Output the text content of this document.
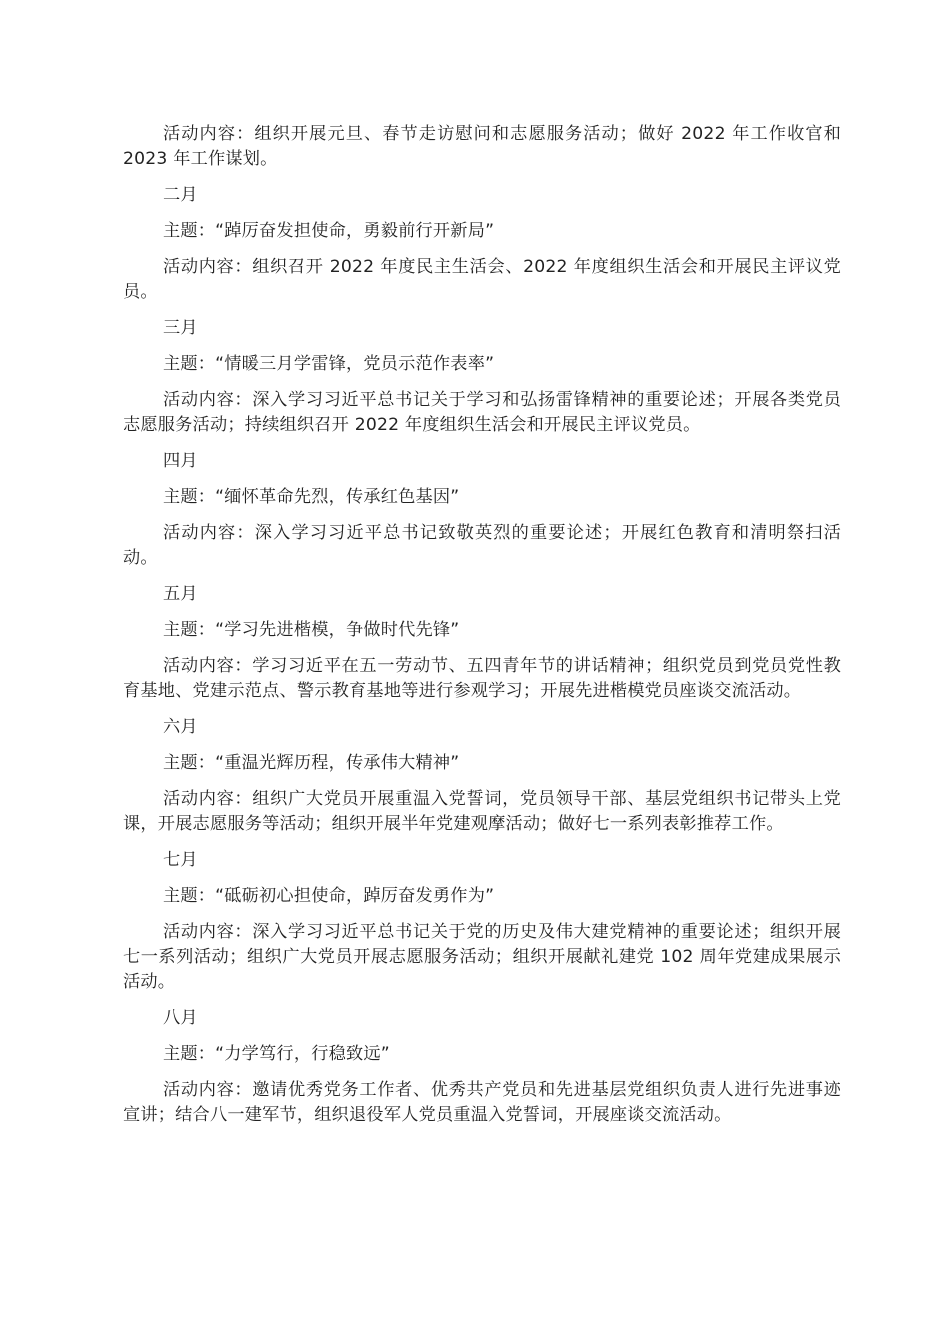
活动内容：组织开展元旦、春节走访慰问和志愿服务活动；做好 2022 年工作收官和 2023 年工作谋划。

二月

主题：“踔厉奋发担使命，勇毅前行开新局”

活动内容：组织召开 2022 年度民主生活会、2022 年度组织生活会和开展民主评议党员。

三月

主题：“情暖三月学雷锋，党员示范作表率”

活动内容：深入学习习近平总书记关于学习和弘扬雷锋精神的重要论述；开展各类党员志愿服务活动；持续组织召开 2022 年度组织生活会和开展民主评议党员。

四月

主题：“缅怀革命先烈，传承红色基因”

活动内容：深入学习习近平总书记致敬英烈的重要论述；开展红色教育和清明祭扫活动。

五月

主题：“学习先进楷模，争做时代先锋”

活动内容：学习习近平在五一劳动节、五四青年节的讲话精神；组织党员到党员党性教育基地、党建示范点、警示教育基地等进行参观学习；开展先进楷模党员座谈交流活动。

六月

主题：“重温光辉历程，传承伟大精神”

活动内容：组织广大党员开展重温入党誓词，党员领导干部、基层党组织书记带头上党课，开展志愿服务等活动；组织开展半年党建观摩活动；做好七一系列表彰推荐工作。

七月

主题：“砥砺初心担使命，踔厉奋发勇作为”

活动内容：深入学习习近平总书记关于党的历史及伟大建党精神的重要论述；组织开展七一系列活动；组织广大党员开展志愿服务活动；组织开展献礼建党 102 周年党建成果展示活动。

八月

主题：“力学笃行，行稳致远”

活动内容：邀请优秀党务工作者、优秀共产党员和先进基层党组织负责人进行先进事迹宣讲；结合八一建军节，组织退役军人党员重温入党誓词，开展座谈交流活动。
